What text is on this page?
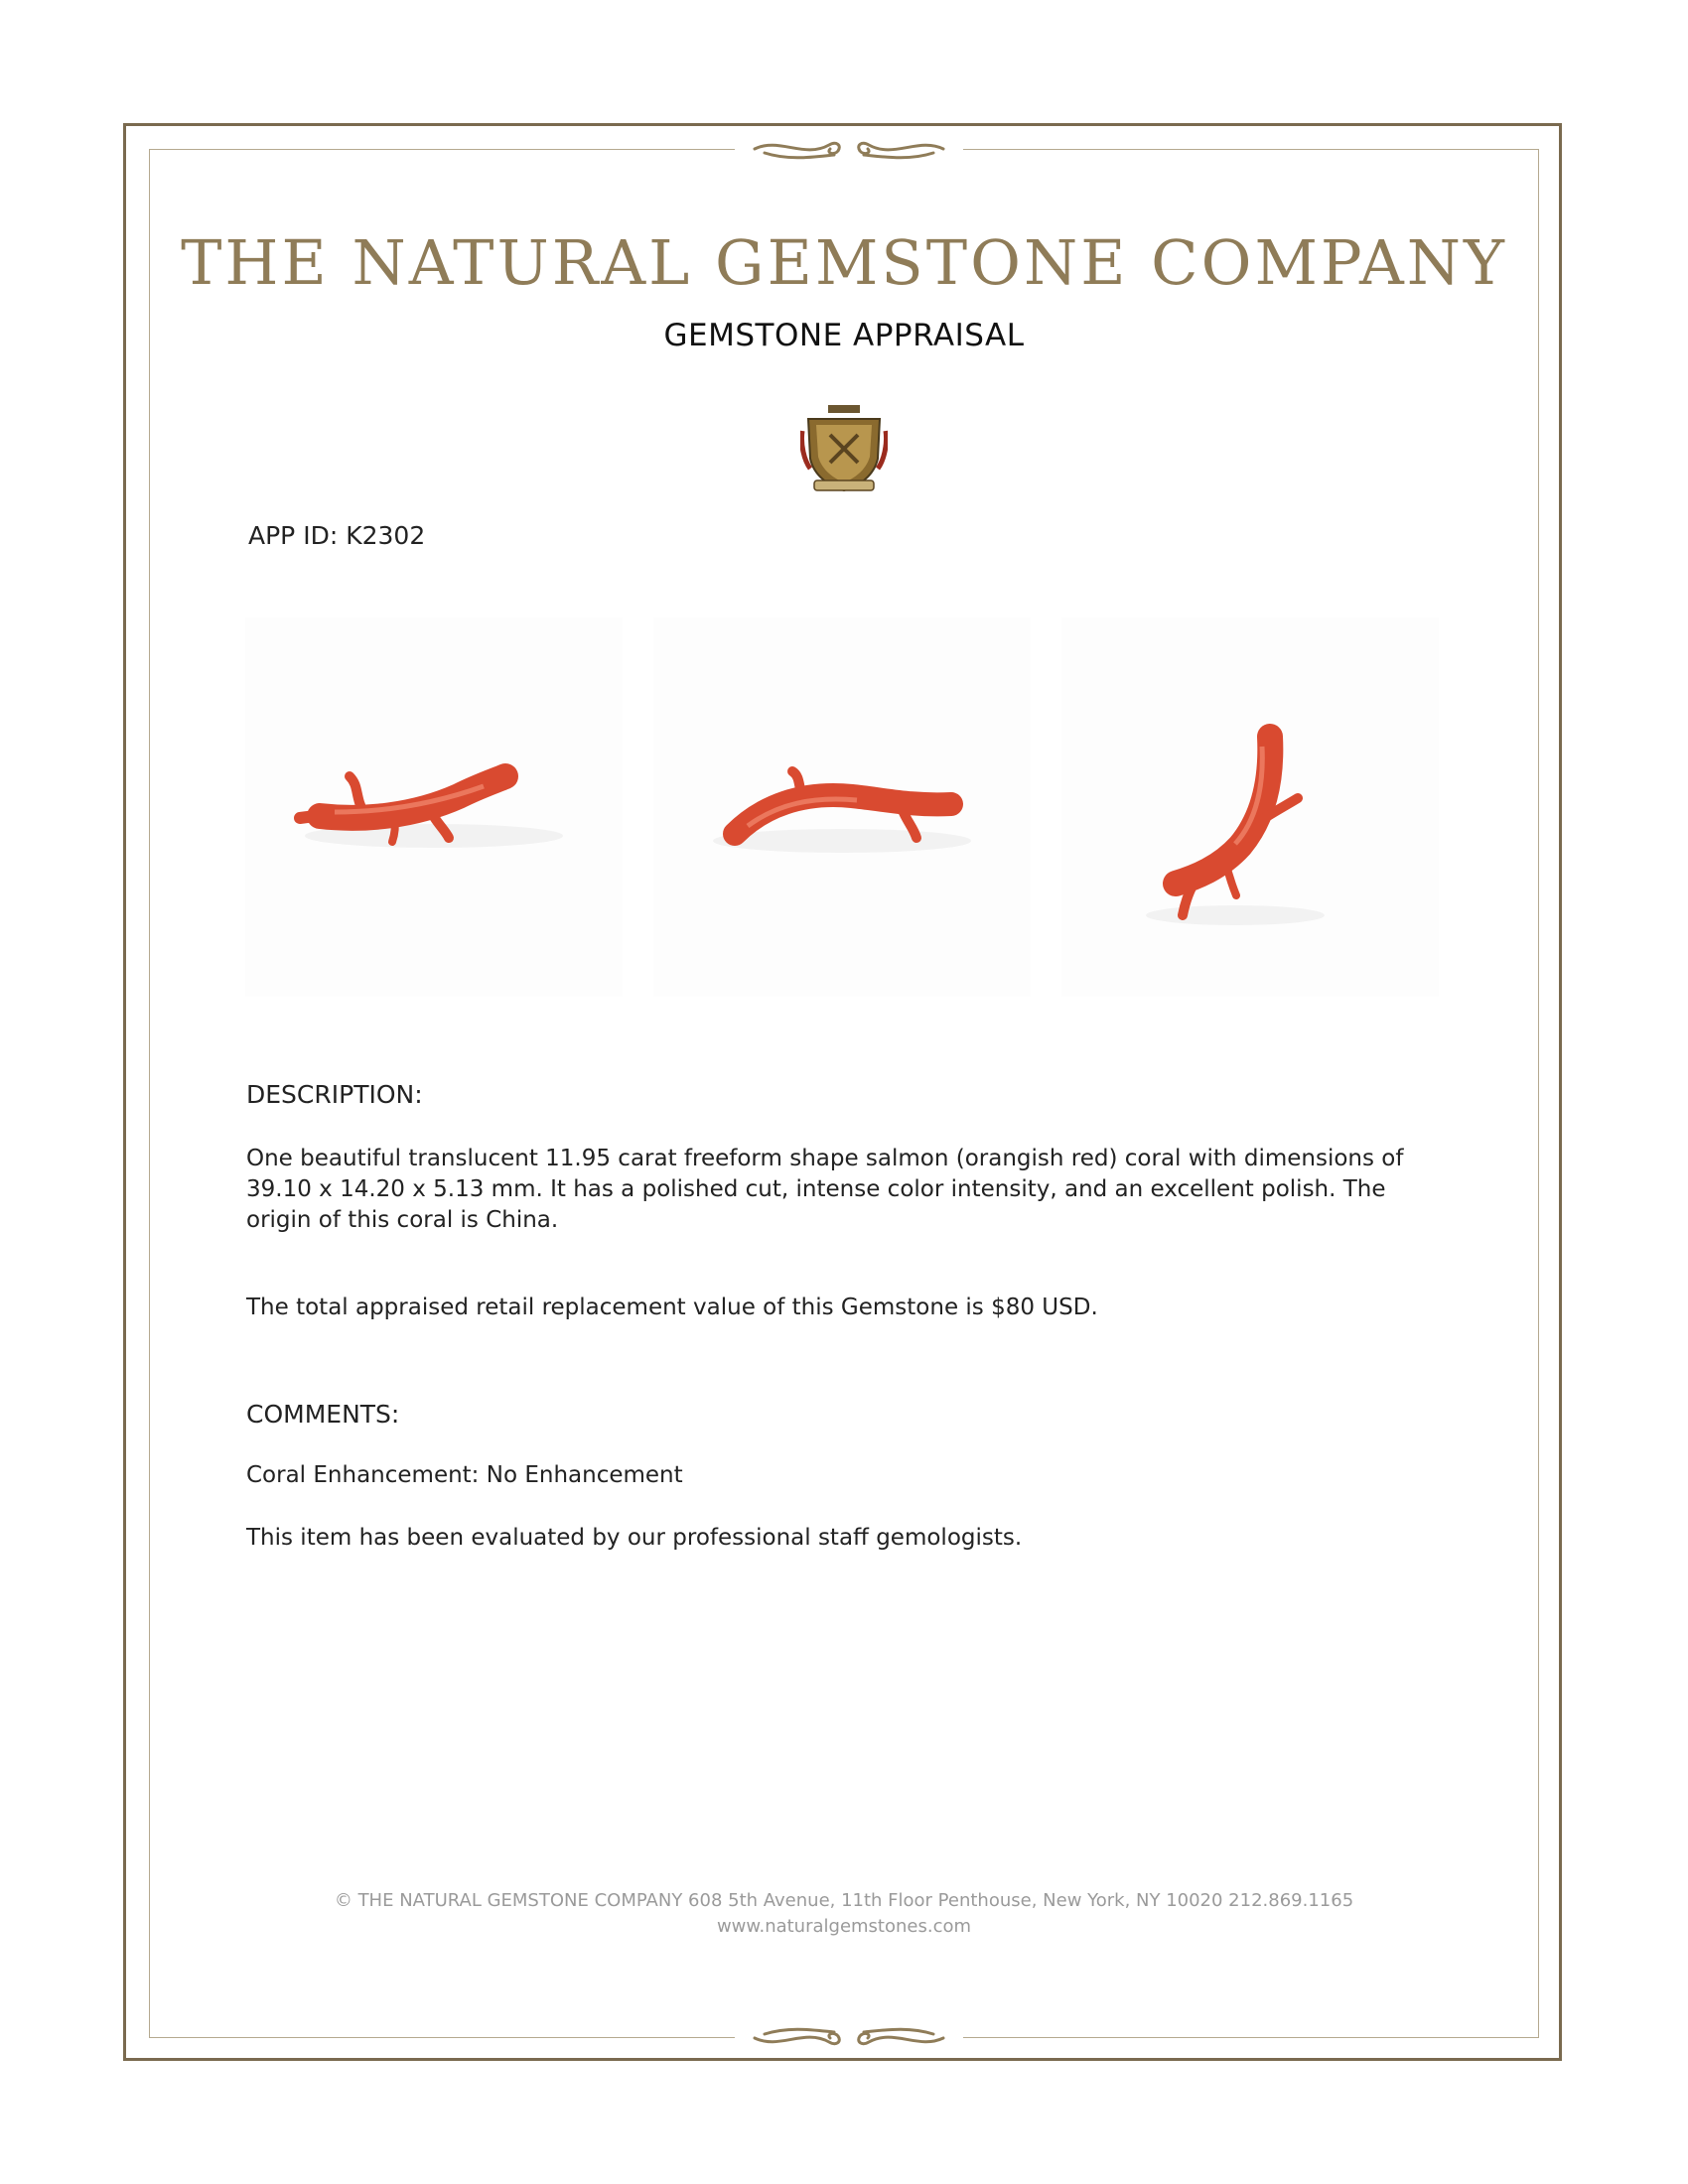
THE NATURAL GEMSTONE COMPANY
GEMSTONE APPRAISAL
APP ID: K2302
DESCRIPTION:
One beautiful translucent 11.95 carat freeform shape salmon (orangish red) coral with dimensions of 39.10 x 14.20 x 5.13 mm. It has a polished cut, intense color intensity, and an excellent polish. The origin of this coral is China.
The total appraised retail replacement value of this Gemstone is $80 USD.
COMMENTS:
Coral Enhancement: No Enhancement
This item has been evaluated by our professional staff gemologists.
© THE NATURAL GEMSTONE COMPANY 608 5th Avenue, 11th Floor Penthouse, New York, NY 10020 212.869.1165
www.naturalgemstones.com
